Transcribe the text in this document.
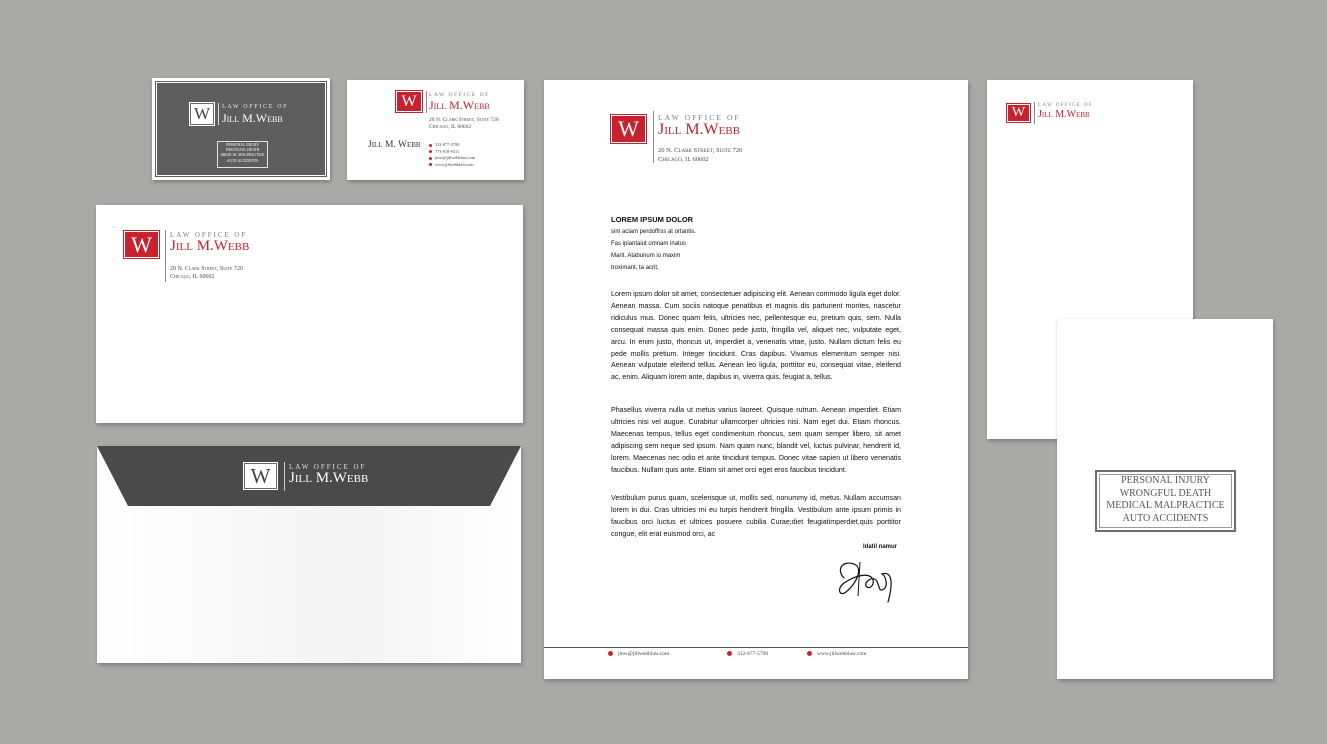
W	LAW OFFICE OF
Jill M.Webb
PERSONAL INJURY
WRONGFUL DEATH
MEDICAL MALPRACTICE
AUTO ACCIDENTS
W	LAW OFFICE OF
Jill M.Webb
20 N. Clark Street, Suite 720
Chicago, IL 60602
Jill M. Webb	312-877-5790
773-918-9311
jmw@jillwebblaw.com
www.jillwebblaw.com
W	LAW OFFICE OF
Jill M.Webb
20 N. Clark Street, Suite 720
Chicago, IL 60602
W	LAW OFFICE OF
Jill M.Webb
W	LAW OFFICE OF
Jill M.Webb
20 N. Clark Street, Suite 720
Chicago, IL 60602
LOREM IPSUM DOLOR
sim aciam perdoffrss at ortantis.
Fas ipiantaiut omnam inatus
Marit. Atabunum iu maxim
troximant, ta acrit,
Lorem ipsum dolor sit amet, consectetuer adipiscing elit. Aenean commodo ligula eget dolor. Aenean massa. Cum sociis natoque penatibus et magnis dis parturient montes, nascetur ridiculus mus. Donec quam felis, ultricies nec, pellentesque eu, pretium quis, sem. Nulla consequat massa quis enim. Donec pede justo, fringilla vel, aliquet nec, vulputate eget, arcu. In enim justo, rhoncus ut, imperdiet a, venenatis vitae, justo. Nullam dictum felis eu pede mollis pretium. Integer tincidunt. Cras dapibus. Vivamus elementum semper nisi. Aenean vulputate eleifend tellus. Aenean leo ligula, porttitor eu, consequat vitae, eleifend ac, enim. Aliquam lorem ante, dapibus in, viverra quis, feugiat a, tellus.
Phasellus viverra nulla ut metus varius laoreet. Quisque rutrum. Aenean imperdiet. Etiam ultricies nisi vel augue. Curabitur ullamcorper ultricies nisi. Nam eget dui. Etiam rhoncus. Maecenas tempus, tellus eget condimentum rhoncus, sem quam semper libero, sit amet adipiscing sem neque sed ipsum. Nam quam nunc, blandit vel, luctus pulvinar, hendrerit id, lorem. Maecenas nec odio et ante tincidunt tempus. Donec vitae sapien ut libero venenatis faucibus. Nullam quis ante. Etiam sit amet orci eget eros faucibus tincidunt.
Vestibulum purus quam, scelerisque ut, mollis sed, nonummy id, metus. Nullam accumsan lorem in dui. Cras ultricies mi eu turpis hendrerit fringilla. Vestibulum ante ipsum primis in faucibus orci luctus et ultrices posuere cubilia Curae;diet feugiatimperdiet,quis porttitor congue, elit erat euismod orci, ac
Idatil namur
jmw@jillwebblaw.com	312-877-5790	www.jillwebblaw.com
W	LAW OFFICE OF
Jill M.Webb
PERSONAL INJURY
WRONGFUL DEATH
MEDICAL MALPRACTICE
AUTO ACCIDENTS
